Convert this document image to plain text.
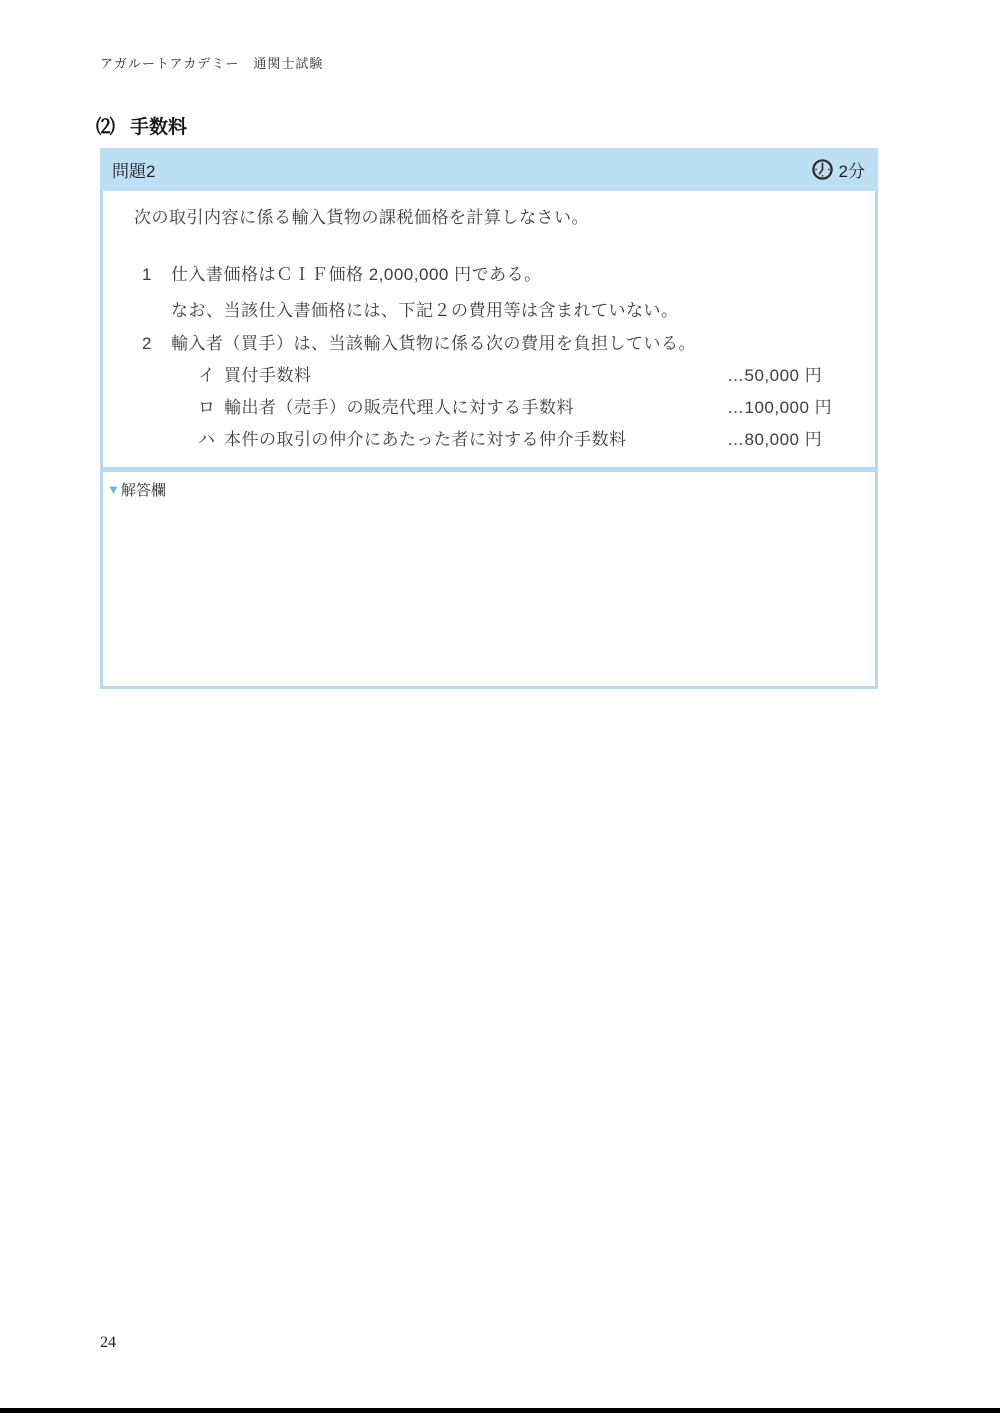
アガルートアカデミー　通関士試験
⑵ 手数料
問題2	2分

次の取引内容に係る輸入貨物の課税価格を計算しなさい。

1	仕入書価格はＣＩＦ価格 2,000,000 円である。
なお、当該仕入書価格には、下記２の費用等は含まれていない。
2	輸入者（買手）は、当該輸入貨物に係る次の費用を負担している。
イ 買付手数料	…50,000 円
ロ 輸出者（売手）の販売代理人に対する手数料	…100,000 円
ハ 本件の取引の仲介にあたった者に対する仲介手数料	…80,000 円
▼解答欄
24
